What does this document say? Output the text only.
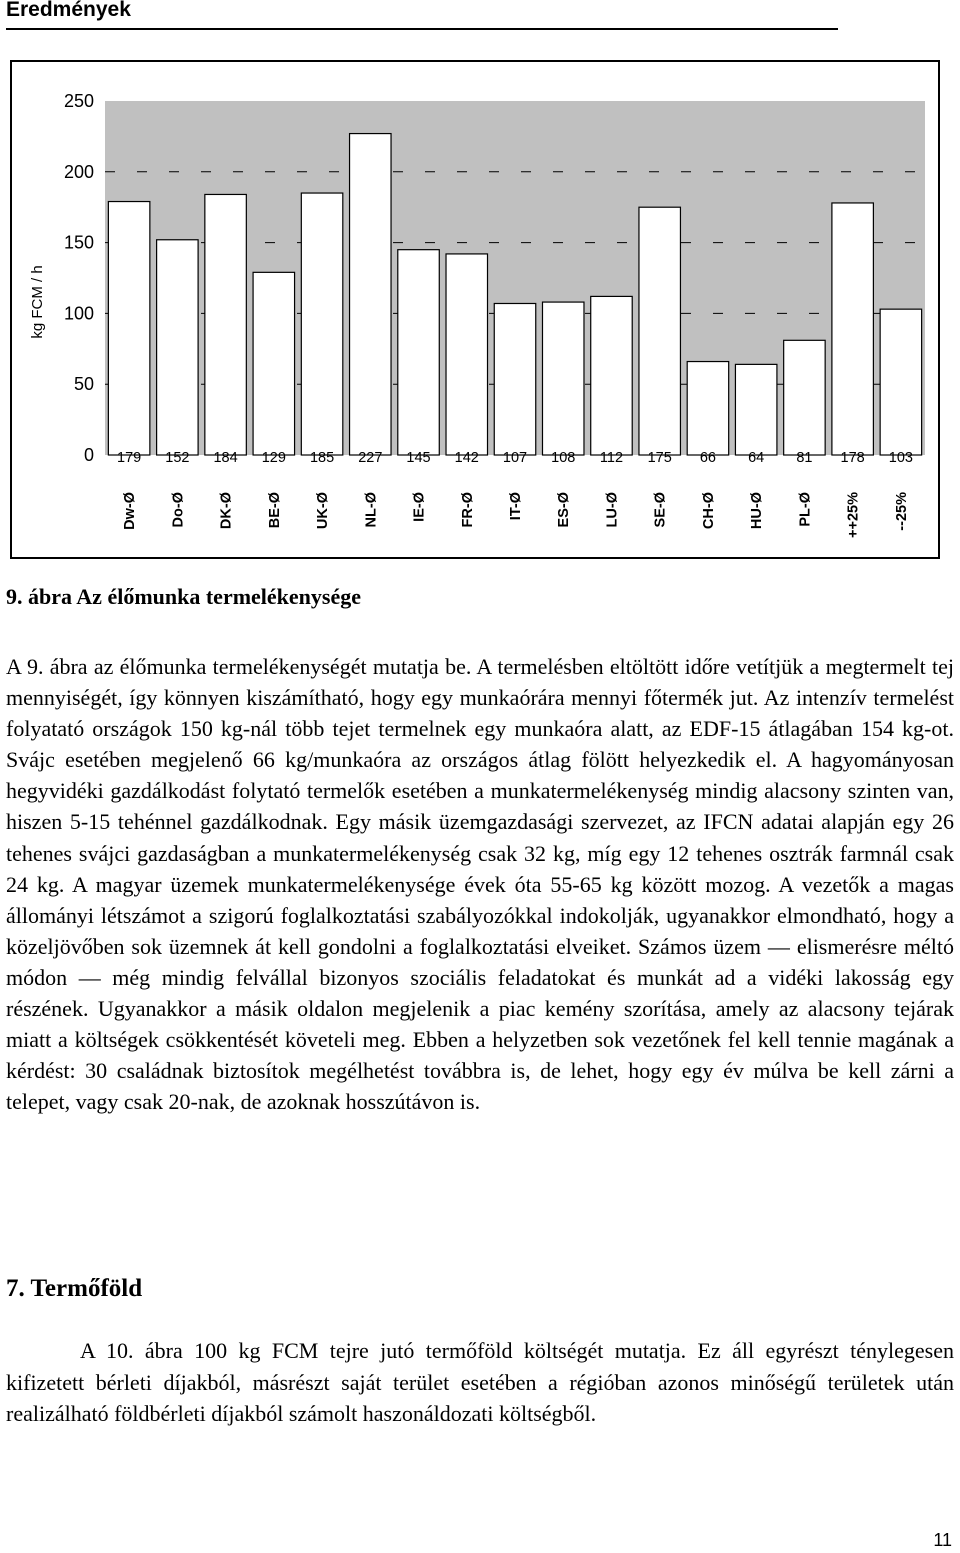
Eredmények
0
50
100
150
200
250
179 152 184 129 185 227 145 142 107 108 112 175 66 64 81 178 103
Dw-Ø Do-Ø DK-Ø BE-Ø UK-Ø NL-Ø IE-Ø FR-Ø IT-Ø ES-Ø LU-Ø SE-Ø CH-Ø HU-Ø PL-Ø ++25% --25%
kg FCM / h
9. ábra Az élőmunka termelékenysége

A 9. ábra az élőmunka termelékenységét mutatja be. A termelésben eltöltött időre vetítjük a megtermelt tej mennyiségét, így könnyen kiszámítható, hogy egy munkaórára mennyi főtermék jut. Az intenzív termelést folyatató országok 150 kg-nál több tejet termelnek egy munkaóra alatt, az EDF-15 átlagában 154 kg-ot. Svájc esetében megjelenő 66 kg/munkaóra az országos átlag fölött helyezkedik el. A hagyományosan hegyvidéki gazdálkodást folytató termelők esetében a munkatermelékenység mindig alacsony szinten van, hiszen 5-15 tehénnel gazdálkodnak. Egy másik üzemgazdasági szervezet, az IFCN adatai alapján egy 26 tehenes svájci gazdaságban a munkatermelékenység csak 32 kg, míg egy 12 tehenes osztrák farmnál csak 24 kg. A magyar üzemek munkatermelékenysége évek óta 55-65 kg között mozog. A vezetők a magas állományi létszámot a szigorú foglalkoztatási szabályozókkal indokolják, ugyanakkor elmondható, hogy a közeljövőben sok üzemnek át kell gondolni a foglalkoztatási elveiket. Számos üzem — elismerésre méltó módon — még mindig felvállal bizonyos szociális feladatokat és munkát ad a vidéki lakosság egy részének. Ugyanakkor a másik oldalon megjelenik a piac kemény szorítása, amely az alacsony tejárak miatt a költségek csökkentését követeli meg. Ebben a helyzetben sok vezetőnek fel kell tennie magának a kérdést: 30 családnak biztosítok megélhetést továbbra is, de lehet, hogy egy év múlva be kell zárni a telepet, vagy csak 20-nak, de azoknak hosszútávon is.

7. Termőföld

A 10. ábra 100 kg FCM tejre jutó termőföld költségét mutatja. Ez áll egyrészt ténylegesen kifizetett bérleti díjakból, másrészt saját terület esetében a régióban azonos minőségű területek után realizálható földbérleti díjakból számolt haszonáldozati költségből.

11
